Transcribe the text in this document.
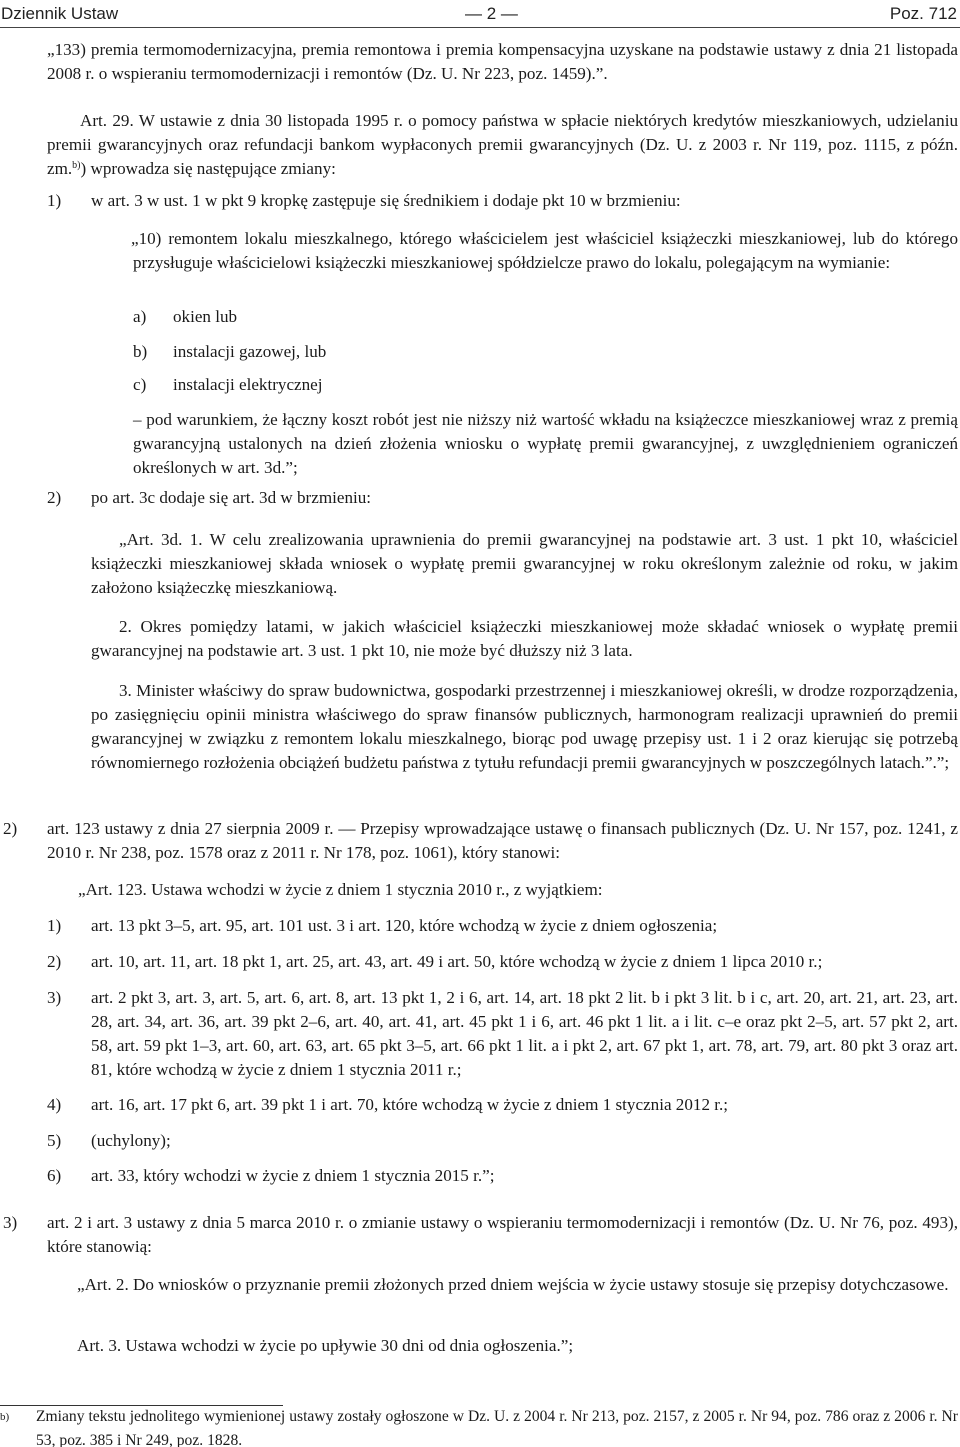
Dziennik Ustaw	— 2 —	Poz. 712
„133) premia termomodernizacyjna, premia remontowa i premia kompensacyjna uzyskane na podstawie ustawy z dnia 21 listopada 2008 r. o wspieraniu termomodernizacji i remontów (Dz. U. Nr 223, poz. 1459).”.
Art. 29. W ustawie z dnia 30 listopada 1995 r. o pomocy państwa w spłacie niektórych kredytów mieszkaniowych, udzielaniu premii gwarancyjnych oraz refundacji bankom wypłaconych premii gwarancyjnych (Dz. U. z 2003 r. Nr 119, poz. 1115, z późn. zm.$^{b)}$) wprowadza się następujące zmiany:
1) w art. 3 w ust. 1 w pkt 9 kropkę zastępuje się średnikiem i dodaje pkt 10 w brzmieniu:
„10) remontem lokalu mieszkalnego, którego właścicielem jest właściciel książeczki mieszkaniowej, lub do którego przysługuje właścicielowi książeczki mieszkaniowej spółdzielcze prawo do lokalu, polegającym na wymianie:
a) okien lub
b) instalacji gazowej, lub
c) instalacji elektrycznej
– pod warunkiem, że łączny koszt robót jest nie niższy niż wartość wkładu na książeczce mieszkaniowej wraz z premią gwarancyjną ustalonych na dzień złożenia wniosku o wypłatę premii gwarancyjnej, z uwzględnieniem ograniczeń określonych w art. 3d.”;
2) po art. 3c dodaje się art. 3d w brzmieniu:
„Art. 3d. 1. W celu zrealizowania uprawnienia do premii gwarancyjnej na podstawie art. 3 ust. 1 pkt 10, właściciel książeczki mieszkaniowej składa wniosek o wypłatę premii gwarancyjnej w roku określonym zależnie od roku, w jakim założono książeczkę mieszkaniową.
2. Okres pomiędzy latami, w jakich właściciel książeczki mieszkaniowej może składać wniosek o wypłatę premii gwarancyjnej na podstawie art. 3 ust. 1 pkt 10, nie może być dłuższy niż 3 lata.
3. Minister właściwy do spraw budownictwa, gospodarki przestrzennej i mieszkaniowej określi, w drodze rozporządzenia, po zasięgnięciu opinii ministra właściwego do spraw finansów publicznych, harmonogram realizacji uprawnień do premii gwarancyjnej w związku z remontem lokalu mieszkalnego, biorąc pod uwagę przepisy ust. 1 i 2 oraz kierując się potrzebą równomiernego rozłożenia obciążeń budżetu państwa z tytułu refundacji premii gwarancyjnych w poszczególnych latach.”.”;
2) art. 123 ustawy z dnia 27 sierpnia 2009 r. — Przepisy wprowadzające ustawę o finansach publicznych (Dz. U. Nr 157, poz. 1241, z 2010 r. Nr 238, poz. 1578 oraz z 2011 r. Nr 178, poz. 1061), który stanowi:
„Art. 123. Ustawa wchodzi w życie z dniem 1 stycznia 2010 r., z wyjątkiem:
1) art. 13 pkt 3–5, art. 95, art. 101 ust. 3 i art. 120, które wchodzą w życie z dniem ogłoszenia;
2) art. 10, art. 11, art. 18 pkt 1, art. 25, art. 43, art. 49 i art. 50, które wchodzą w życie z dniem 1 lipca 2010 r.;
3) art. 2 pkt 3, art. 3, art. 5, art. 6, art. 8, art. 13 pkt 1, 2 i 6, art. 14, art. 18 pkt 2 lit. b i pkt 3 lit. b i c, art. 20, art. 21, art. 23, art. 28, art. 34, art. 36, art. 39 pkt 2–6, art. 40, art. 41, art. 45 pkt 1 i 6, art. 46 pkt 1 lit. a i lit. c–e oraz pkt 2–5, art. 57 pkt 2, art. 58, art. 59 pkt 1–3, art. 60, art. 63, art. 65 pkt 3–5, art. 66 pkt 1 lit. a i pkt 2, art. 67 pkt 1, art. 78, art. 79, art. 80 pkt 3 oraz art. 81, które wchodzą w życie z dniem 1 stycznia 2011 r.;
4) art. 16, art. 17 pkt 6, art. 39 pkt 1 i art. 70, które wchodzą w życie z dniem 1 stycznia 2012 r.;
5) (uchylony);
6) art. 33, który wchodzi w życie z dniem 1 stycznia 2015 r.”;
3) art. 2 i art. 3 ustawy z dnia 5 marca 2010 r. o zmianie ustawy o wspieraniu termomodernizacji i remontów (Dz. U. Nr 76, poz. 493), które stanowią:
„Art. 2. Do wniosków o przyznanie premii złożonych przed dniem wejścia w życie ustawy stosuje się przepisy dotychczasowe.
Art. 3. Ustawa wchodzi w życie po upływie 30 dni od dnia ogłoszenia.”;
b) Zmiany tekstu jednolitego wymienionej ustawy zostały ogłoszone w Dz. U. z 2004 r. Nr 213, poz. 2157, z 2005 r. Nr 94, poz. 786 oraz z 2006 r. Nr 53, poz. 385 i Nr 249, poz. 1828.
